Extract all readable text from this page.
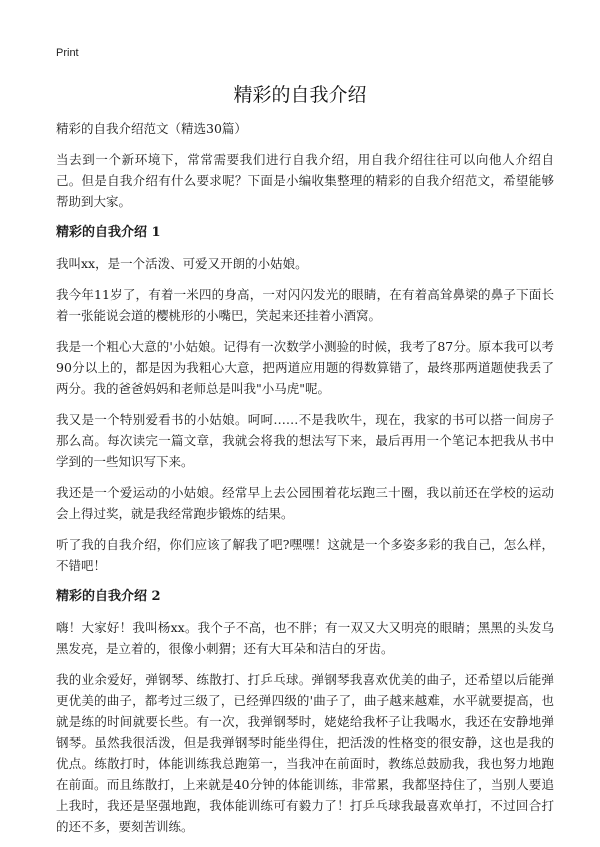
Print
精彩的自我介绍
精彩的自我介绍范文（精选30篇）

当去到一个新环境下，常常需要我们进行自我介绍，用自我介绍往往可以向他人介绍自己。但是自我介绍有什么要求呢？下面是小编收集整理的精彩的自我介绍范文，希望能够帮助到大家。

精彩的自我介绍 1

我叫xx，是一个活泼、可爱又开朗的小姑娘。

我今年11岁了，有着一米四的身高，一对闪闪发光的眼睛，在有着高耸鼻梁的鼻子下面长着一张能说会道的樱桃形的小嘴巴，笑起来还挂着小酒窝。

我是一个粗心大意的'小姑娘。记得有一次数学小测验的时候，我考了87分。原本我可以考90分以上的，都是因为我粗心大意，把两道应用题的得数算错了，最终那两道题使我丢了两分。我的爸爸妈妈和老师总是叫我"小马虎"呢。

我又是一个特别爱看书的小姑娘。呵呵……不是我吹牛，现在，我家的书可以搭一间房子那么高。每次读完一篇文章，我就会将我的想法写下来，最后再用一个笔记本把我从书中学到的一些知识写下来。

我还是一个爱运动的小姑娘。经常早上去公园围着花坛跑三十圈，我以前还在学校的运动会上得过奖，就是我经常跑步锻炼的结果。

听了我的自我介绍，你们应该了解我了吧?嘿嘿！这就是一个多姿多彩的我自己，怎么样，不错吧！

精彩的自我介绍 2

嗨！大家好！我叫杨xx。我个子不高，也不胖；有一双又大又明亮的眼睛；黑黑的头发乌黑发亮，是立着的，很像小刺猬；还有大耳朵和洁白的牙齿。

我的业余爱好，弹钢琴、练散打、打乒乓球。弹钢琴我喜欢优美的曲子，还希望以后能弹更优美的曲子，都考过三级了，已经弹四级的'曲子了，曲子越来越难，水平就要提高，也就是练的时间就要长些。有一次，我弹钢琴时，姥姥给我杯子让我喝水，我还在安静地弹钢琴。虽然我很活泼，但是我弹钢琴时能坐得住，把活泼的性格变的很安静，这也是我的优点。练散打时，体能训练我总跑第一，当我冲在前面时，教练总鼓励我，我也努力地跑在前面。而且练散打，上来就是40分钟的体能训练，非常累，我都坚持住了，当别人要追上我时，我还是坚强地跑，我体能训练可有毅力了！打乒乓球我最喜欢单打，不过回合打的还不多，要刻苦训练。
